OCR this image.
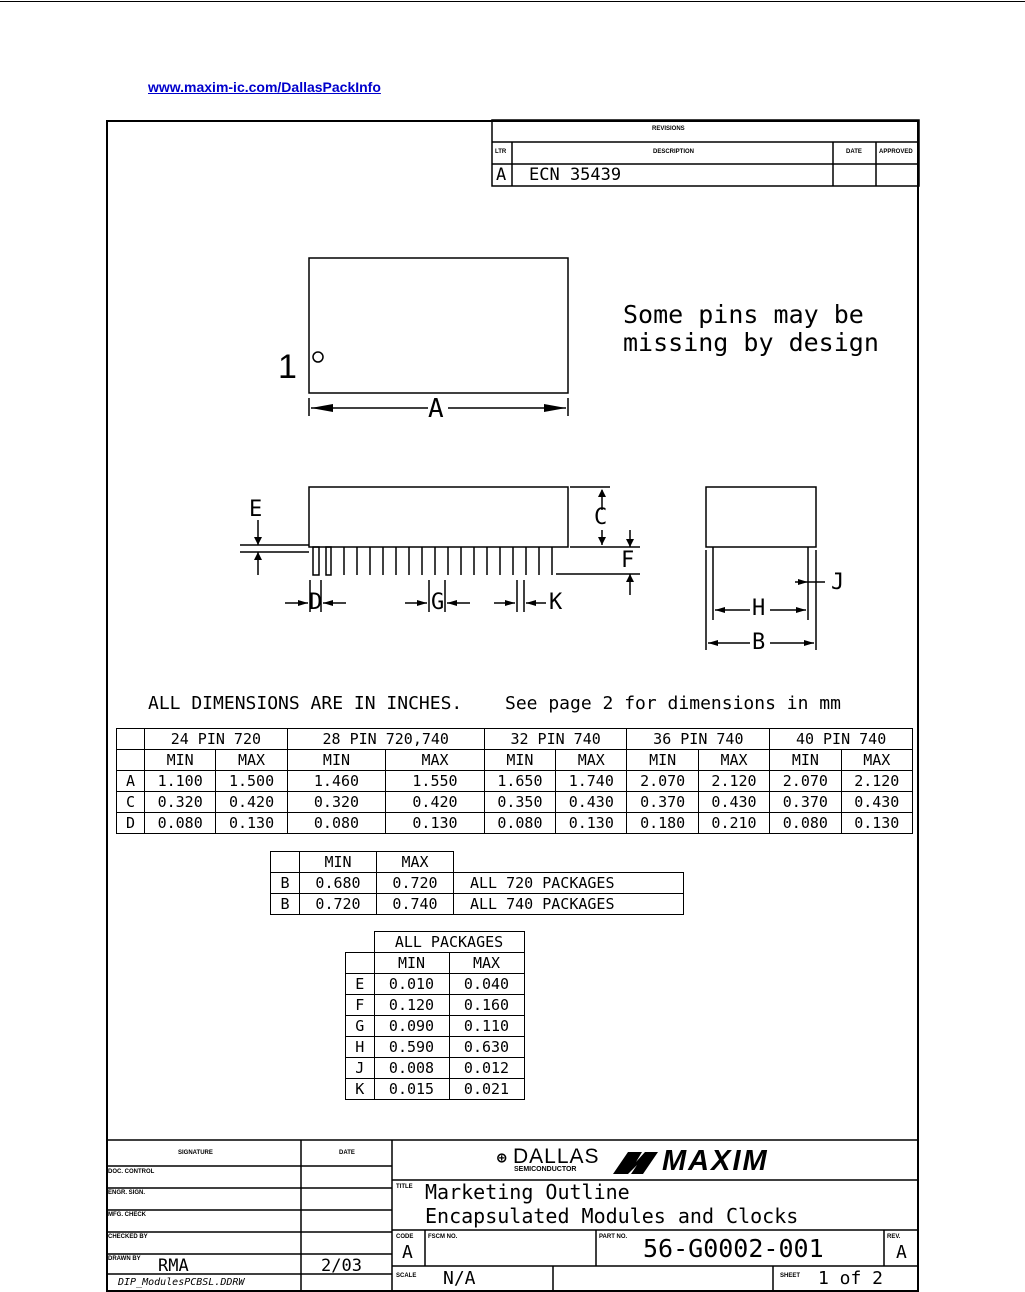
www.maxim-ic.com/DallasPackInfo
REVISIONS
LTR	DESCRIPTION	DATE	APPROVED
A ECN 35439
Some pins may be
missing by design
1
A
C
E
F
D	G	K	H
J
B
ALL DIMENSIONS ARE IN INCHES. See page 2 for dimensions in mm
	24 PIN 720		28 PIN 720,740		32 PIN 740		36 PIN 740		40 PIN 740	
	MIN	MAX	MIN	MAX	MIN	MAX	MIN	MAX	MIN	MAX
A	1.100	1.500	1.460	1.550	1.650	1.740	2.070	2.120	2.070	2.120
C	0.320	0.420	0.320	0.420	0.350	0.430	0.370	0.430	0.370	0.430
D	0.080	0.130	0.080	0.130	0.080	0.130	0.180	0.210	0.080	0.130
	MIN	MAX	
B	0.680	0.720	ALL 720 PACKAGES
B	0.720	0.740	ALL 740 PACKAGES
	ALL PACKAGES	
	MIN	MAX
E	0.010	0.040
F	0.120	0.160
G	0.090	0.110
H	0.590	0.630
J	0.008	0.012
K	0.015	0.021
SIGNATURE	DATE
DOC. CONTROL
ENGR. SIGN.
MFG. CHECK
CHECKED BY
DRAWN BY RMA	2/03
DIP_ModulesPCBSL.DDRW
⊕ DALLAS
SEMICONDUCTOR	MAXIM
TITLE Marketing Outline
Encapsulated Modules and Clocks
CODE
A
FSCM NO.	PART NO. 56-G0002-001	REV.
A
SCALE N/A	SHEET 1 of 2
